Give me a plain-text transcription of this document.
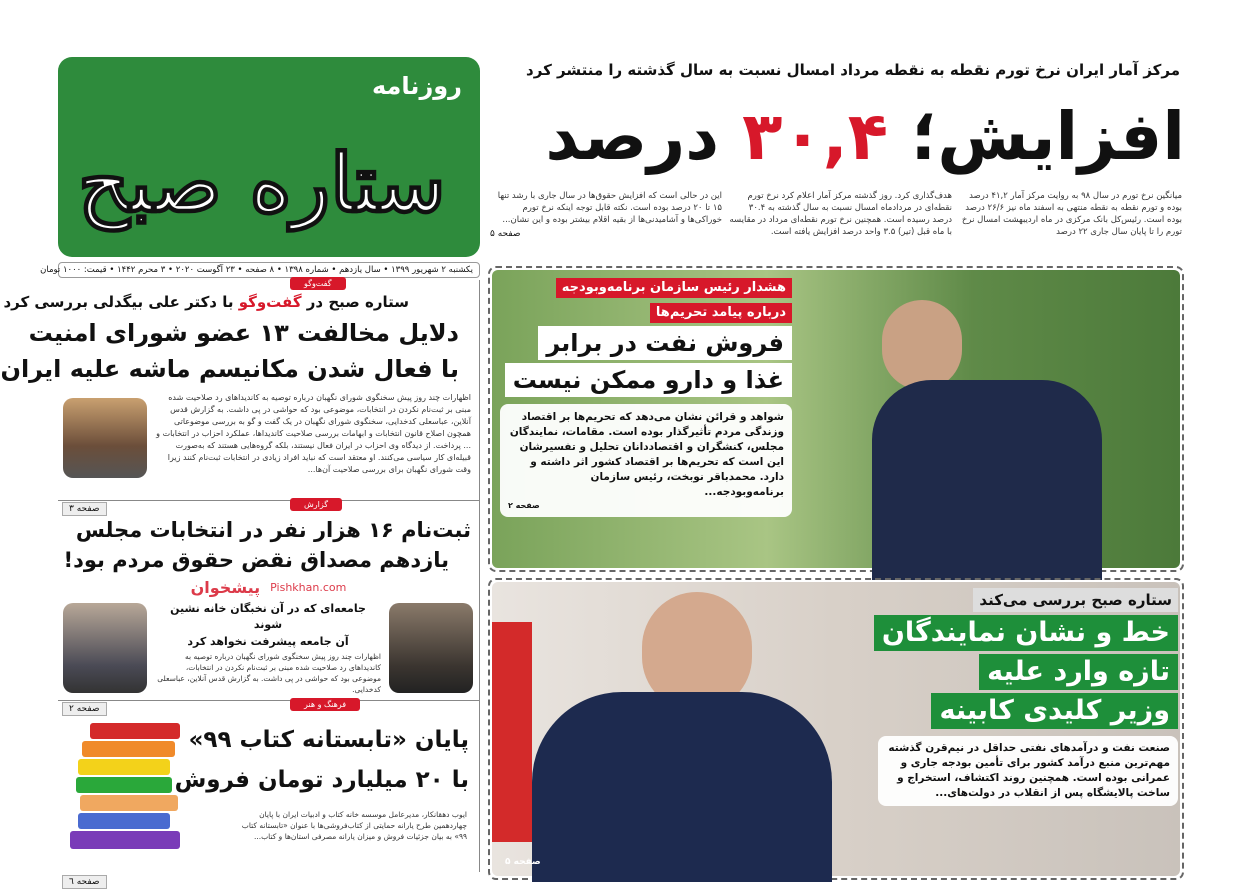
روزنامه
ستاره صبح
مرکز آمار ایران نرخ تورم نقطه به نقطه مرداد امسال نسبت به سال گذشته را منتشر کرد
افزایش؛ ۳۰,۴ درصد
میانگین نرخ تورم در سال ۹۸ به روایت مرکز آمار ۴۱,۲ درصد بوده و تورم نقطه به نقطه منتهی به اسفند ماه نیز ۲۶/۶ درصد بوده است. رئیس‌کل بانک مرکزی در ماه اردیبهشت امسال نرخ تورم را تا پایان سال جاری ۲۲ درصد
هدف‌گذاری کرد. روز گذشته مرکز آمار اعلام کرد نرخ تورم نقطه‌ای در مردادماه امسال نسبت به سال گذشته به ۳۰.۴ درصد رسیده است. همچنین نرخ تورم نقطه‌ای مرداد در مقایسه با ماه قبل (تیر) ۳.۵ واحد درصد افزایش یافته است.
این در حالی است که افزایش حقوق‌ها در سال جاری با رشد تنها ۱۵ تا ۲۰ درصد بوده است. نکته قابل توجه اینکه نرخ تورم خوراکی‌ها و آشامیدنی‌ها از بقیه اقلام بیشتر بوده و این نشان...
صفحه ۵
یکشنبه ۲ شهریور ۱۳۹۹ • سال یازدهم • شماره ۱۳۹۸ • ۸ صفحه • ۲۳ آگوست ۲۰۲۰ • ۳ محرم ۱۴۴۲ • قیمت: ۱۰۰۰ تومان
گفت‌وگو
ستاره صبح در گفت‌وگو با دکتر علی بیگدلی بررسی کرد
دلایل مخالفت ۱۳ عضو شورای امنیت
با فعال شدن مکانیسم ماشه علیه ایران
اظهارات چند روز پیش سخنگوی شورای نگهبان درباره توصیه به کاندیداهای رد صلاحیت شده مبنی بر ثبت‌نام نکردن در انتخابات، موضوعی بود که حواشی در پی داشت. به گزارش قدس آنلاین، عباسعلی کدخدایی، سخنگوی شورای نگهبان در یک گفت و گو به بررسی موضوعاتی همچون اصلاح قانون انتخابات و ابهامات بررسی صلاحیت کاندیداها، عملکرد احزاب در انتخابات و ... پرداخت. از دیدگاه وی احزاب در ایران فعال نیستند، بلکه گروه‌هایی هستند که به‌صورت قبیله‌ای کار سیاسی می‌کنند. او معتقد است که نباید افراد زیادی در انتخابات ثبت‌نام کنند زیرا وقت شورای نگهبان برای بررسی صلاحیت آن‌ها...
صفحه ۳	گزارش
ثبت‌نام ۱۶ هزار نفر در انتخابات مجلس
یازدهم مصداق نقض حقوق مردم بود!
پیشخوان Pishkhan.com
جامعه‌ای که در آن نخبگان خانه نشین شوند
آن جامعه پیشرفت نخواهد کرد
اظهارات چند روز پیش سخنگوی شورای نگهبان درباره توصیه به کاندیداهای رد صلاحیت شده مبنی بر ثبت‌نام نکردن در انتخابات، موضوعی بود که حواشی در پی داشت. به گزارش قدس آنلاین، عباسعلی کدخدایی.
صفحه ۲	فرهنگ و هنر
پایان «تابستانه کتاب ۹۹»
با ۲۰ میلیارد تومان فروش
ایوب دهقانکار، مدیرعامل موسسه خانه کتاب و ادبیات ایران با پایان چهاردهمین طرح یارانه حمایتی از کتاب‌فروشی‌ها با عنوان «تابستانه کتاب ۹۹» به بیان جزئیات فروش و میزان یارانه مصرفی استان‌ها و کتاب...
صفحه ٦
هشدار رئیس سازمان برنامه‌وبودجه
درباره پیامد تحریم‌ها
فروش نفت در برابر
غذا و دارو ممکن نیست
شواهد و قرائن نشان می‌دهد که تحریم‌ها بر اقتصاد وزندگی مردم تأثیرگذار بوده است. مقامات، نمایندگان مجلس، کنشگران و اقتصاددانان تحلیل و تفسیرشان این است که تحریم‌ها بر اقتصاد کشور اثر داشته و دارد. محمدباقر نوبخت، رئیس سازمان برنامه‌وبودجه...
صفحه ۲
ستاره صبح بررسی می‌کند
خط و نشان نمایندگان
تازه وارد علیه
وزیر کلیدی کابینه
صنعت نفت و درآمدهای نفتی حداقل در نیم‌قرن گذشته مهم‌ترین منبع درآمد کشور برای تأمین بودجه جاری و عمرانی بوده است. همچنین روند اکتشاف، استخراج و ساخت پالایشگاه پس از انقلاب در دولت‌های...
صفحه ۵
